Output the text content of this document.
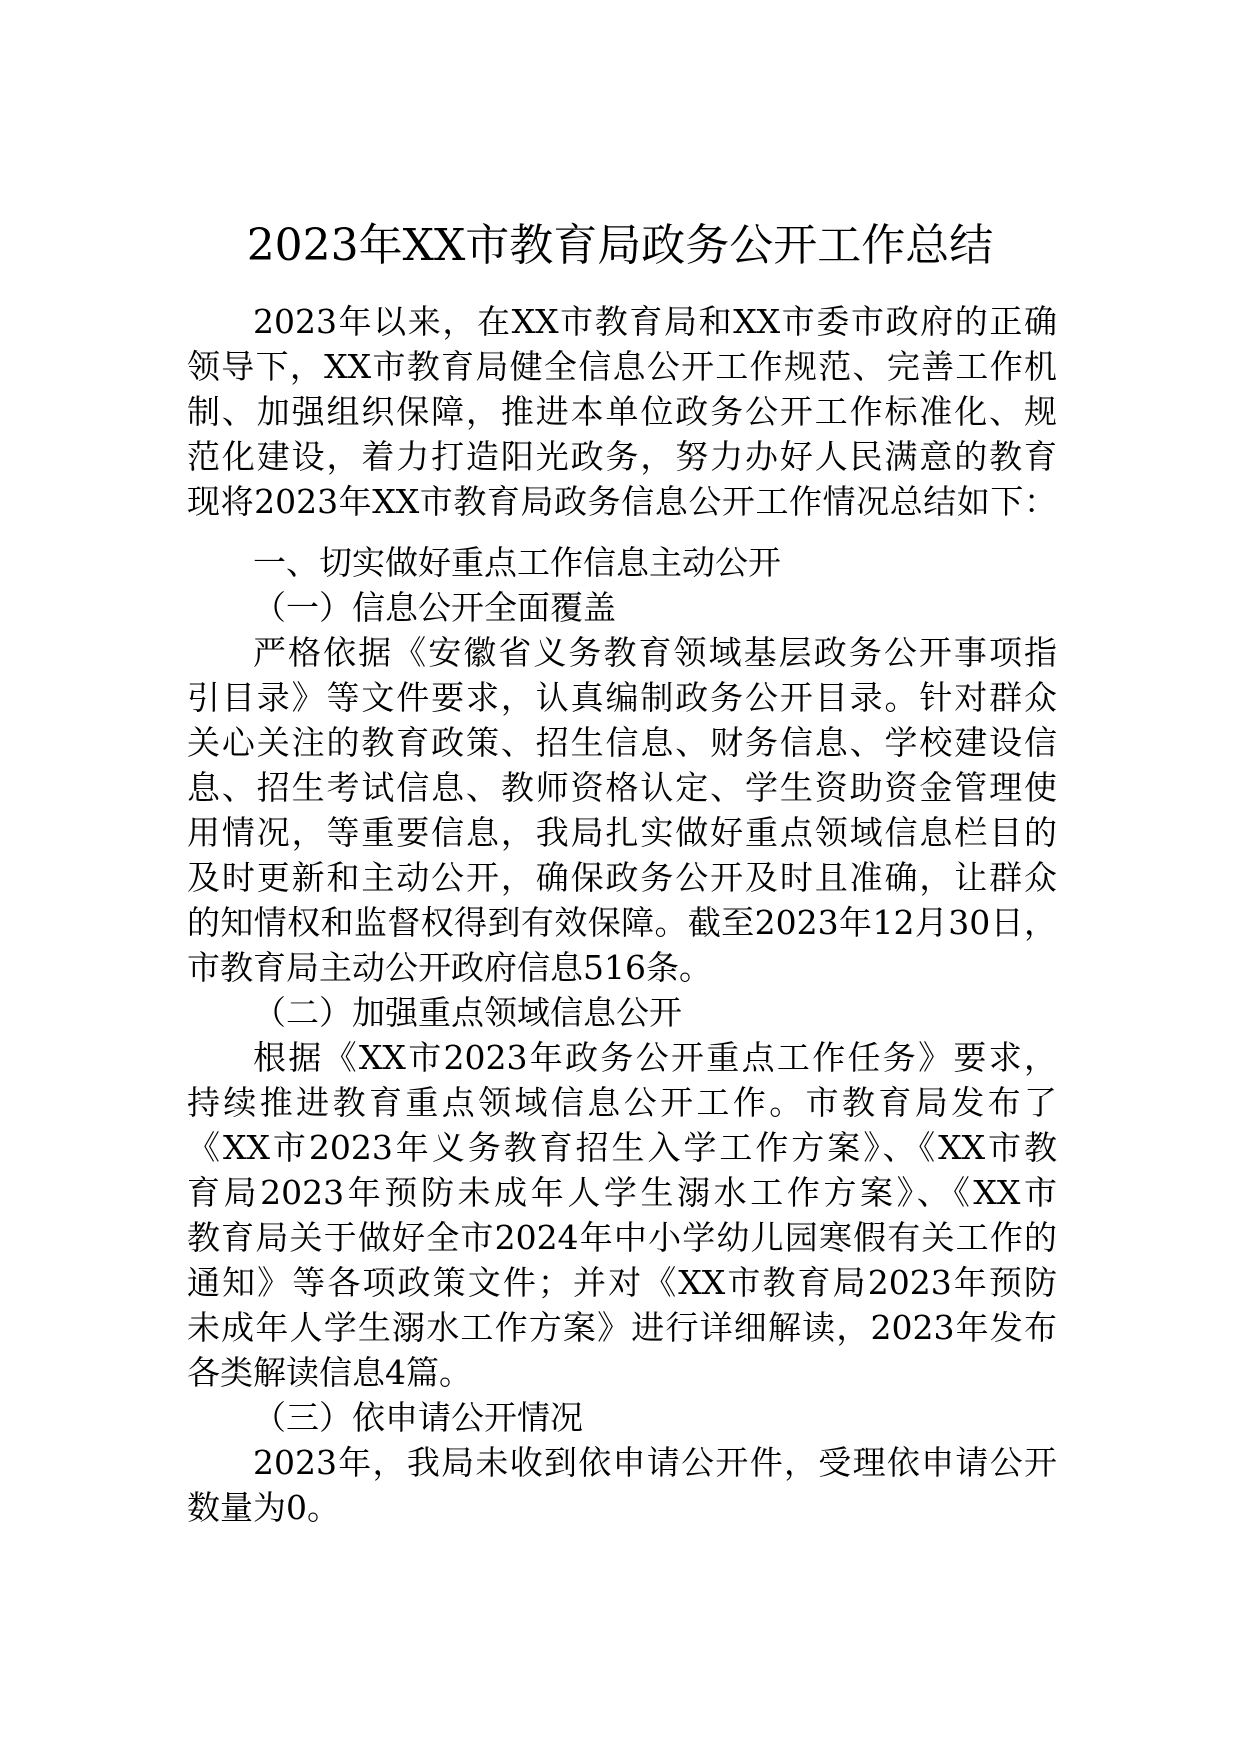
2023年XX市教育局政务公开工作总结
2023年以来，在XX市教育局和XX市委市政府的正确
领导下，XX市教育局健全信息公开工作规范、完善工作机
制、加强组织保障，推进本单位政务公开工作标准化、规
范化建设，着力打造阳光政务，努力办好人民满意的教育
现将2023年XX市教育局政务信息公开工作情况总结如下：
一、切实做好重点工作信息主动公开
（一）信息公开全面覆盖
严格依据《安徽省义务教育领域基层政务公开事项指
引目录》等文件要求，认真编制政务公开目录。针对群众
关心关注的教育政策、招生信息、财务信息、学校建设信
息、招生考试信息、教师资格认定、学生资助资金管理使
用情况，等重要信息，我局扎实做好重点领域信息栏目的
及时更新和主动公开，确保政务公开及时且准确，让群众
的知情权和监督权得到有效保障。截至2023年12月30日，
市教育局主动公开政府信息516条。
（二）加强重点领域信息公开
根据《XX市2023年政务公开重点工作任务》要求，
持续推进教育重点领域信息公开工作。市教育局发布了
《XX市2023年义务教育招生入学工作方案》、《XX市教
育局2023年预防未成年人学生溺水工作方案》、《XX市
教育局关于做好全市2024年中小学幼儿园寒假有关工作的
通知》等各项政策文件；并对《XX市教育局2023年预防
未成年人学生溺水工作方案》进行详细解读，2023年发布
各类解读信息4篇。
（三）依申请公开情况
2023年，我局未收到依申请公开件，受理依申请公开
数量为0。
